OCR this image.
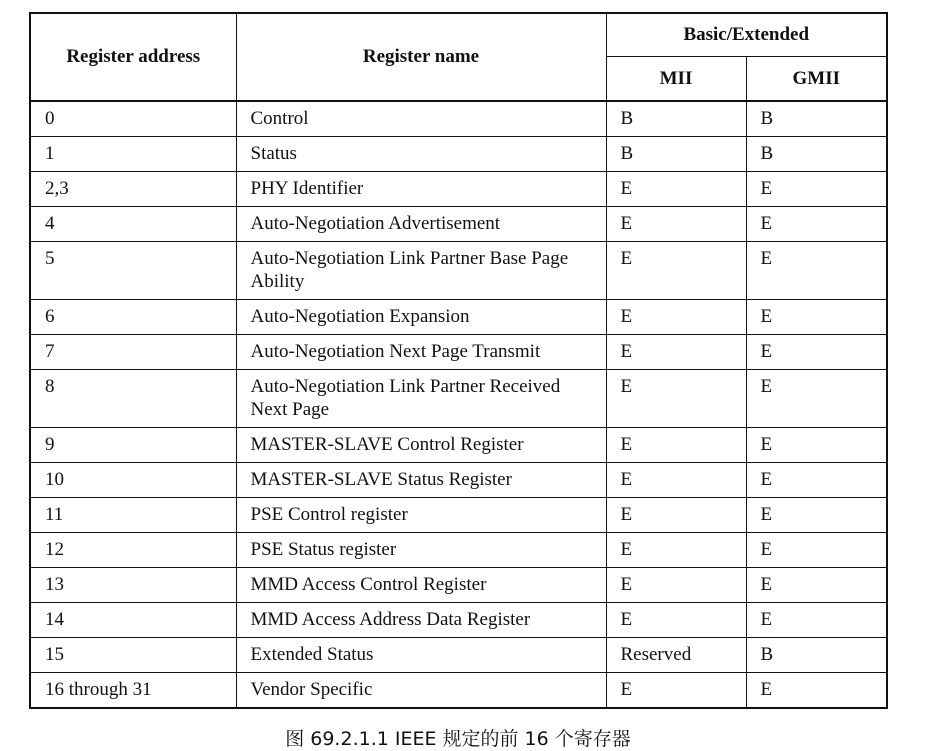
Register address	Register name	Basic/Extended	
		MII	GMII
0	Control	B	B
1	Status	B	B
2,3	PHY Identifier	E	E
4	Auto-Negotiation Advertisement	E	E
5	Auto-Negotiation Link Partner Base Page Ability	E	E
6	Auto-Negotiation Expansion	E	E
7	Auto-Negotiation Next Page Transmit	E	E
8	Auto-Negotiation Link Partner Received Next Page	E	E
9	MASTER-SLAVE Control Register	E	E
10	MASTER-SLAVE Status Register	E	E
11	PSE Control register	E	E
12	PSE Status register	E	E
13	MMD Access Control Register	E	E
14	MMD Access Address Data Register	E	E
15	Extended Status	Reserved	B
16 through 31	Vendor Specific	E	E
图 69.2.1.1 IEEE 规定的前 16 个寄存器
